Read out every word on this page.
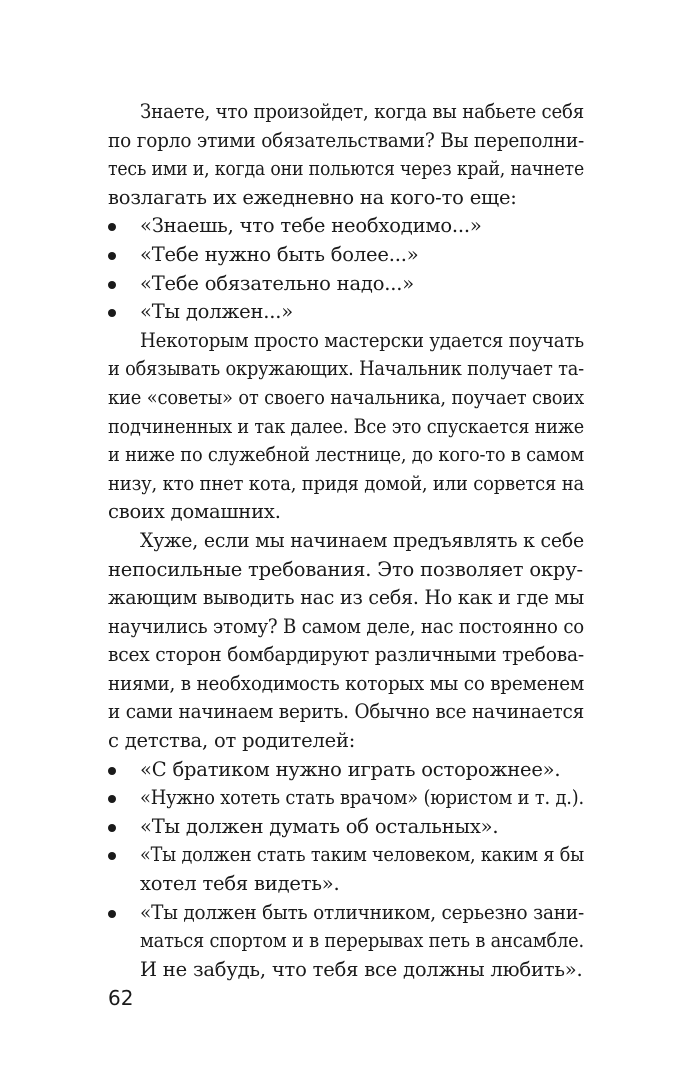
Знаете, что произойдет, когда вы набьете себя
по горло этими обязательствами? Вы переполни-
тесь ими и, когда они польются через край, начнете
возлагать их ежедневно на кого-то еще:
«Знаешь, что тебе необходимо...»
«Тебе нужно быть более...»
«Тебе обязательно надо...»
«Ты должен...»
Некоторым просто мастерски удается поучать
и обязывать окружающих. Начальник получает та-
кие «советы» от своего начальника, поучает своих
подчиненных и так далее. Все это спускается ниже
и ниже по служебной лестнице, до кого-то в самом
низу, кто пнет кота, придя домой, или сорвется на
своих домашних.
Хуже, если мы начинаем предъявлять к себе
непосильные требования. Это позволяет окру-
жающим выводить нас из себя. Но как и где мы
научились этому? В самом деле, нас постоянно со
всех сторон бомбардируют различными требова-
ниями, в необходимость которых мы со временем
и сами начинаем верить. Обычно все начинается
с детства, от родителей:
«С братиком нужно играть осторожнее».
«Нужно хотеть стать врачом» (юристом и т. д.).
«Ты должен думать об остальных».
«Ты должен стать таким человеком, каким я бы
хотел тебя видеть».
«Ты должен быть отличником, серьезно зани-
маться спортом и в перерывах петь в ансамбле.
И не забудь, что тебя все должны любить».
62
